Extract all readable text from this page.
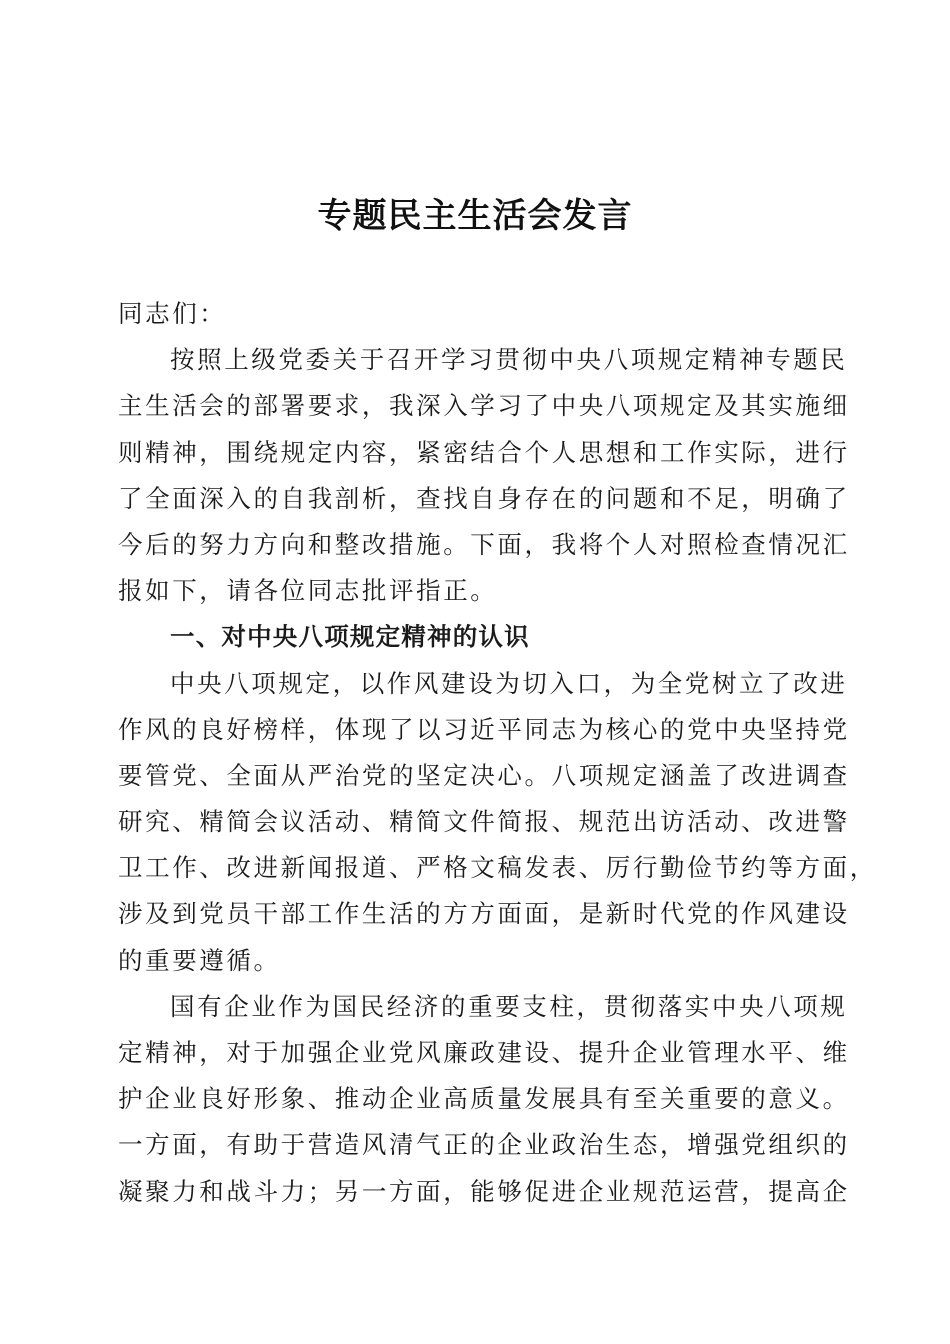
专题民主生活会发言
同志们：
按照上级党委关于召开学习贯彻中央八项规定精神专题民
主生活会的部署要求，我深入学习了中央八项规定及其实施细
则精神，围绕规定内容，紧密结合个人思想和工作实际，进行
了全面深入的自我剖析，查找自身存在的问题和不足，明确了
今后的努力方向和整改措施。下面，我将个人对照检查情况汇
报如下，请各位同志批评指正。
一、对中央八项规定精神的认识
中央八项规定，以作风建设为切入口，为全党树立了改进
作风的良好榜样，体现了以习近平同志为核心的党中央坚持党
要管党、全面从严治党的坚定决心。八项规定涵盖了改进调查
研究、精简会议活动、精简文件简报、规范出访活动、改进警
卫工作、改进新闻报道、严格文稿发表、厉行勤俭节约等方面，
涉及到党员干部工作生活的方方面面，是新时代党的作风建设
的重要遵循。
国有企业作为国民经济的重要支柱，贯彻落实中央八项规
定精神，对于加强企业党风廉政建设、提升企业管理水平、维
护企业良好形象、推动企业高质量发展具有至关重要的意义。
一方面，有助于营造风清气正的企业政治生态，增强党组织的
凝聚力和战斗力；另一方面，能够促进企业规范运营，提高企
